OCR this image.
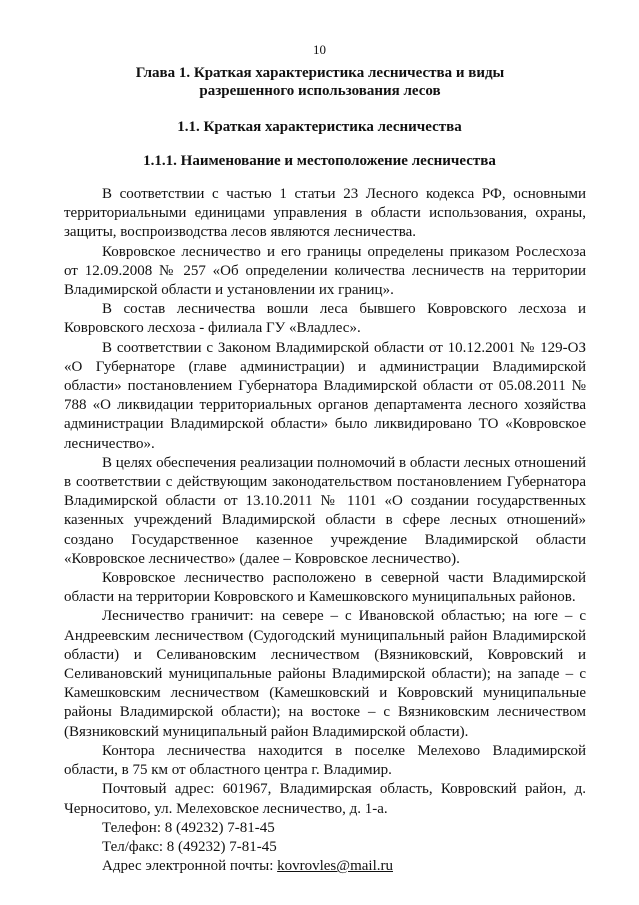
10
Глава 1. Краткая характеристика лесничества и виды разрешенного использования лесов
1.1. Краткая характеристика лесничества
1.1.1. Наименование и местоположение лесничества

В соответствии с частью 1 статьи 23 Лесного кодекса РФ, основными территориальными единицами управления в области использования, охраны, защиты, воспроизводства лесов являются лесничества.

Ковровское лесничество и его границы определены приказом Рослесхоза от 12.09.2008 № 257 «Об определении количества лесничеств на территории Владимирской области и установлении их границ».

В состав лесничества вошли леса бывшего Ковровского лесхоза и Ковровского лесхоза - филиала ГУ «Владлес».

В соответствии с Законом Владимирской области от 10.12.2001 № 129-ОЗ «О Губернаторе (главе администрации) и администрации Владимирской области» постановлением Губернатора Владимирской области от 05.08.2011 № 788 «О ликвидации территориальных органов департамента лесного хозяйства администрации Владимирской области» было ликвидировано ТО «Ковровское лесничество».

В целях обеспечения реализации полномочий в области лесных отношений в соответствии с действующим законодательством постановлением Губернатора Владимирской области от 13.10.2011 № 1101 «О создании государственных казенных учреждений Владимирской области в сфере лесных отношений» создано Государственное казенное учреждение Владимирской области «Ковровское лесничество» (далее – Ковровское лесничество).

Ковровское лесничество расположено в северной части Владимирской области на территории Ковровского и Камешковского муниципальных районов.

Лесничество граничит: на севере – с Ивановской областью; на юге – с Андреевским лесничеством (Судогодский муниципальный район Владимирской области) и Селивановским лесничеством (Вязниковский, Ковровский и Селивановский муниципальные районы Владимирской области); на западе – с Камешковским лесничеством (Камешковский и Ковровский муниципальные районы Владимирской области); на востоке – с Вязниковским лесничеством (Вязниковский муниципальный район Владимирской области).

Контора лесничества находится в поселке Мелехово Владимирской области, в 75 км от областного центра г. Владимир.

Почтовый адрес: 601967, Владимирская область, Ковровский район, д. Черноситово, ул. Мелеховское лесничество, д. 1-а.

Телефон: 8 (49232) 7-81-45

Тел/факс: 8 (49232) 7-81-45

Адрес электронной почты: kovrovles@mail.ru
